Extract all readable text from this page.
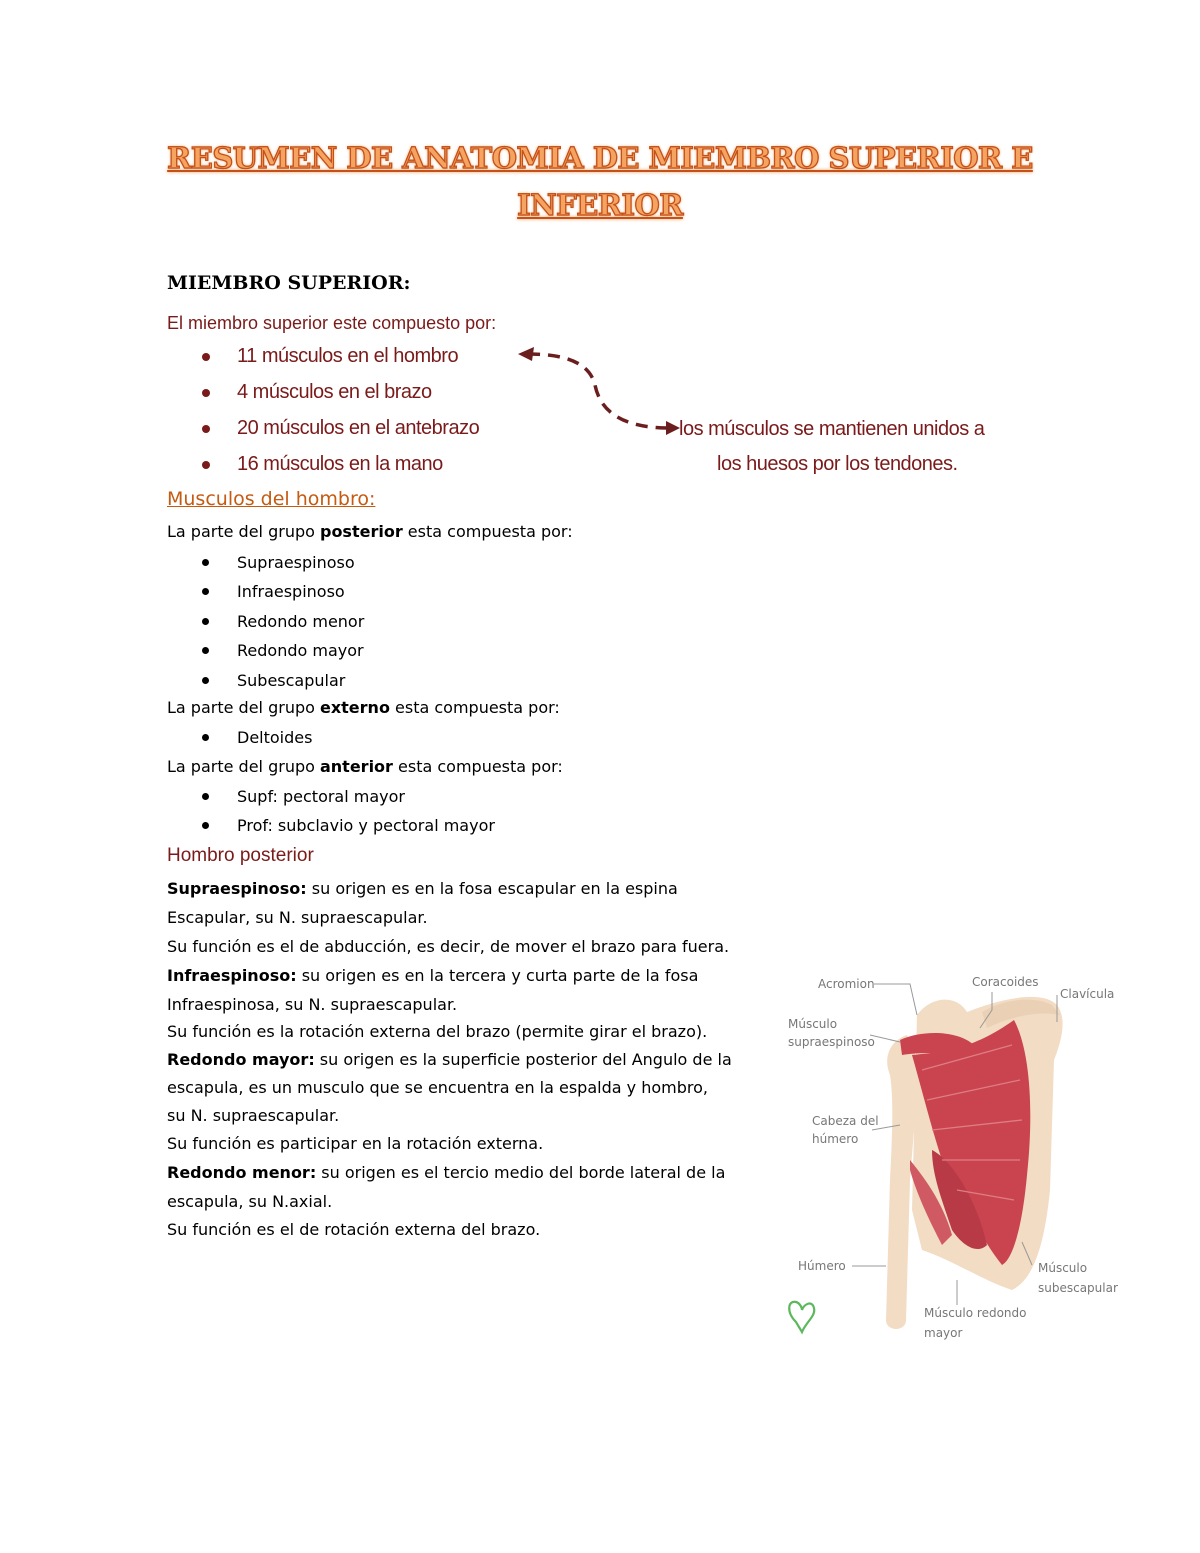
RESUMEN DE ANATOMIA DE MIEMBRO SUPERIOR E
INFERIOR
MIEMBRO SUPERIOR:
El miembro superior este compuesto por:
11 músculos en el hombro
4 músculos en el brazo
20 músculos en el antebrazo
16 músculos en la mano
los músculos se mantienen unidos a
los huesos por los tendones.
Musculos del hombro:
La parte del grupo posterior esta compuesta por:
Supraespinoso
Infraespinoso
Redondo menor
Redondo mayor
Subescapular
La parte del grupo externo esta compuesta por:
Deltoides
La parte del grupo anterior esta compuesta por:
Supf: pectoral mayor
Prof: subclavio y pectoral mayor
Hombro posterior
Supraespinoso: su origen es en la fosa escapular en la espina
Escapular, su N. supraescapular.
Su función es el de abducción, es decir, de mover el brazo para fuera.
Infraespinoso: su origen es en la tercera y curta parte de la fosa
Infraespinosa, su N. supraescapular.
Su función es la rotación externa del brazo (permite girar el brazo).
Redondo mayor: su origen es la superficie posterior del Angulo de la
escapula, es un musculo que se encuentra en la espalda y hombro,
su N. supraescapular.
Su función es participar en la rotación externa.
Redondo menor: su origen es el tercio medio del borde lateral de la
escapula, su N.axial.
Su función es el de rotación externa del brazo.
Acromion	Coracoides
Clavícula
Músculo
supraespinoso
Cabeza del
húmero
Húmero	Músculo
subescapular
Músculo redondo
mayor
